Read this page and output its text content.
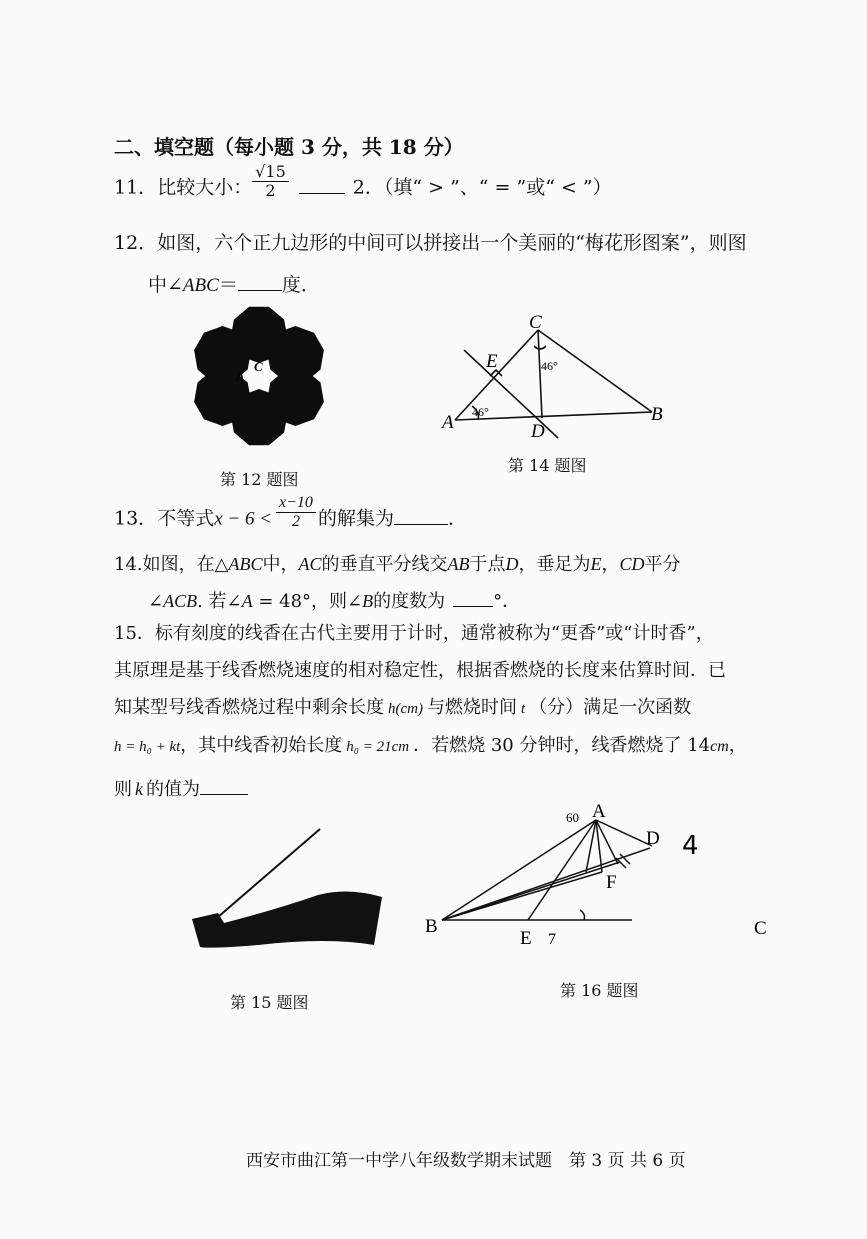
二、填空题（每小题 3 分，共 18 分）
11．比较大小： $\frac{√15}{2}$	2．（填“ > ”、“ = ”或“ < ”）
12．如图，六个正九边形的中间可以拼接出一个美丽的“梅花形图案”，则图
中∠ABC＝ 度．
A
C
第 12 题图
46°
46°
A	B
C
D
E
第 14 题图
13．不等式$x - 6 < \frac{x-10}{2}$ 的解集为	．
14.如图，在△ABC中，AC的垂直平分线交AB于点D，垂足为E，CD平分
∠ACB. 若∠A = 48°，则∠B的度数为	°．
15．标有刻度的线香在古代主要用于计时，通常被称为“更香”或“计时香”，
其原理是基于线香燃烧速度的相对稳定性，根据香燃烧的长度来估算时间．已
知某型号线香燃烧过程中剩余长度 h(cm) 与燃烧时间 t （分）满足一次函数
h = h₀ + kt，其中线香初始长度 h₀ = 21cm ．若燃烧 30 分钟时，线香燃烧了 14cm，
则 k 的值为
第 15 题图
A
60
B
D
E
F
7
4
C
第 16 题图
西安市曲江第一中学八年级数学期末试题　第 3 页 共 6 页
